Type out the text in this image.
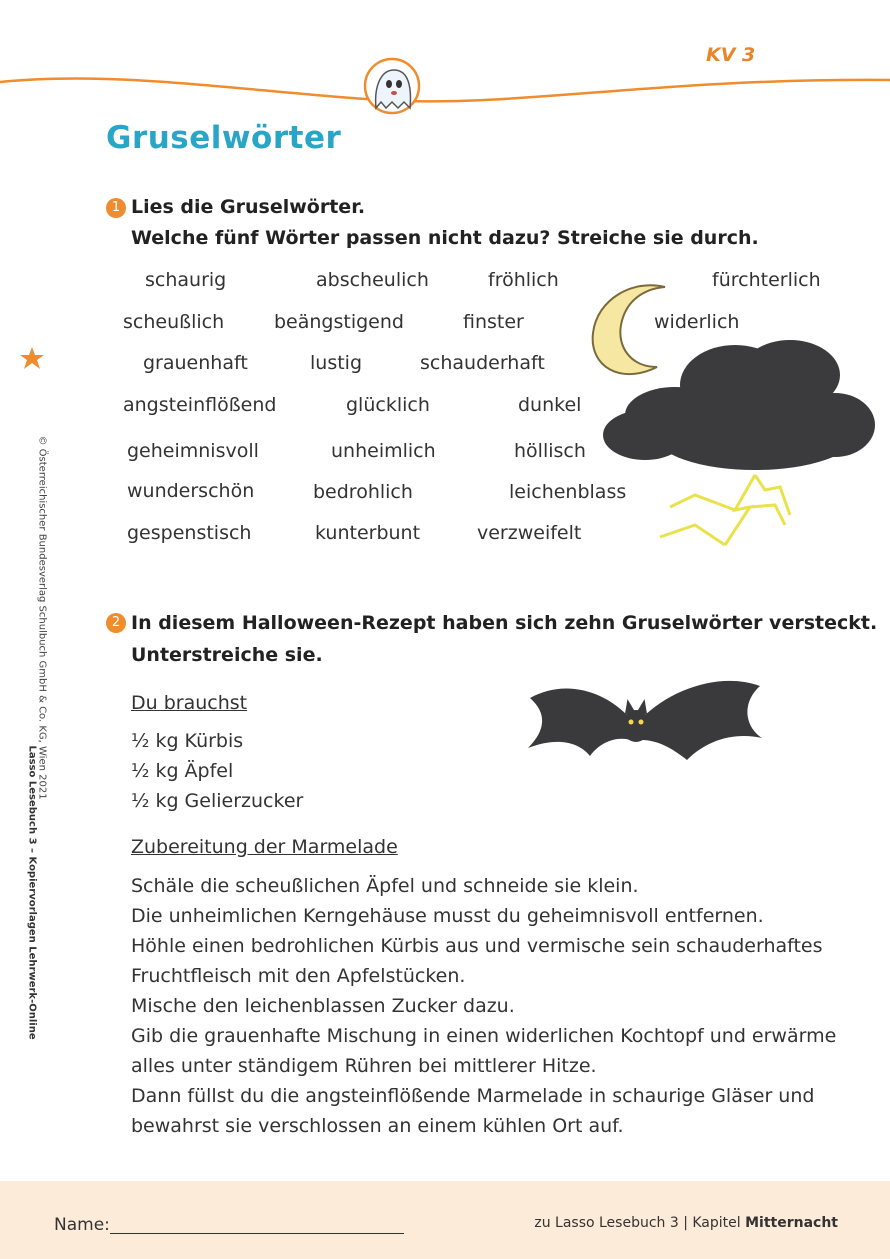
KV 3
Gruselwörter
1 Lies die Gruselwörter.
Welche fünf Wörter passen nicht dazu? Streiche sie durch.
schaurig	abscheulich	fröhlich	fürchterlich
scheußlich	beängstigend	finster	widerlich
grauenhaft	lustig	schauderhaft
angsteinflößend	glücklich	dunkel
geheimnisvoll	unheimlich	höllisch
wunderschön	bedrohlich	leichenblass
gespenstisch	kunterbunt	verzweifelt
2 In diesem Halloween-Rezept haben sich zehn Gruselwörter versteckt.
Unterstreiche sie.
Du brauchst
½ kg Kürbis
½ kg Äpfel
½ kg Gelierzucker
Zubereitung der Marmelade
Schäle die scheußlichen Äpfel und schneide sie klein.
Die unheimlichen Kerngehäuse musst du geheimnisvoll entfernen.
Höhle einen bedrohlichen Kürbis aus und vermische sein schauderhaftes
Fruchtfleisch mit den Apfelstücken.
Mische den leichenblassen Zucker dazu.
Gib die grauenhafte Mischung in einen widerlichen Kochtopf und erwärme
alles unter ständigem Rühren bei mittlerer Hitze.
Dann füllst du die angsteinflößende Marmelade in schaurige Gläser und
bewahrst sie verschlossen an einem kühlen Ort auf.
© Österreichischer Bundesverlag Schulbuch GmbH & Co. KG, Wien 2021
Lasso Lesebuch 3 – Kopiervorlagen Lehrwerk-Online
Name:	zu Lasso Lesebuch 3 | Kapitel Mitternacht
